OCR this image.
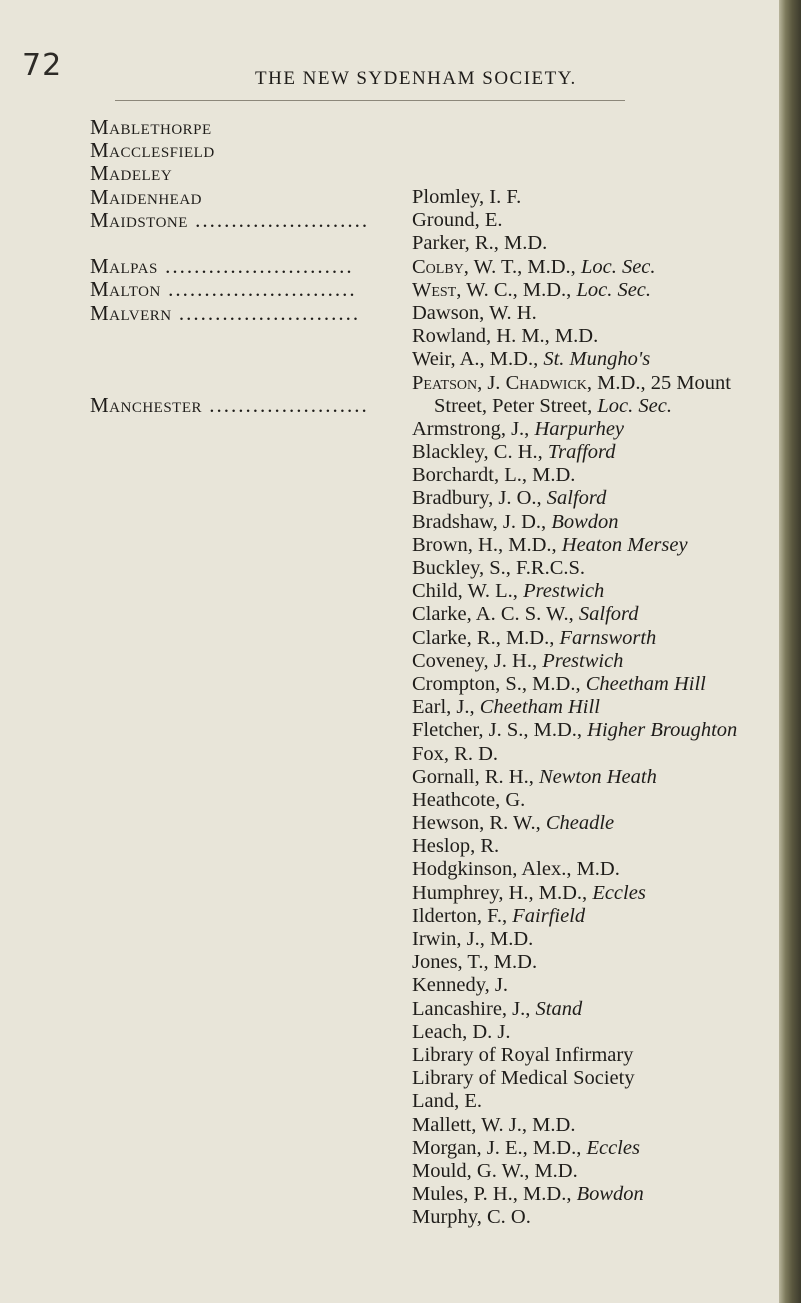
72	THE NEW SYDENHAM SOCIETY.
Mablethorpe
Macclesfield
Madeley
Maidenhead
Maidstone ........................
Malpas ..........................
Malton ..........................
Malvern .........................
Manchester ......................
Plomley, I. F.
Ground, E.
Parker, R., M.D.
Colby, W. T., M.D., Loc. Sec.
West, W. C., M.D., Loc. Sec.
Dawson, W. H.
Rowland, H. M., M.D.
Weir, A., M.D., St. Mungho's
Peatson, J. Chadwick, M.D., 25 Mount
Street, Peter Street, Loc. Sec.
Armstrong, J., Harpurhey
Blackley, C. H., Trafford
Borchardt, L., M.D.
Bradbury, J. O., Salford
Bradshaw, J. D., Bowdon
Brown, H., M.D., Heaton Mersey
Buckley, S., F.R.C.S.
Child, W. L., Prestwich
Clarke, A. C. S. W., Salford
Clarke, R., M.D., Farnsworth
Coveney, J. H., Prestwich
Crompton, S., M.D., Cheetham Hill
Earl, J., Cheetham Hill
Fletcher, J. S., M.D., Higher Broughton
Fox, R. D.
Gornall, R. H., Newton Heath
Heathcote, G.
Hewson, R. W., Cheadle
Heslop, R.
Hodgkinson, Alex., M.D.
Humphrey, H., M.D., Eccles
Ilderton, F., Fairfield
Irwin, J., M.D.
Jones, T., M.D.
Kennedy, J.
Lancashire, J., Stand
Leach, D. J.
Library of Royal Infirmary
Library of Medical Society
Land, E.
Mallett, W. J., M.D.
Morgan, J. E., M.D., Eccles
Mould, G. W., M.D.
Mules, P. H., M.D., Bowdon
Murphy, C. O.
